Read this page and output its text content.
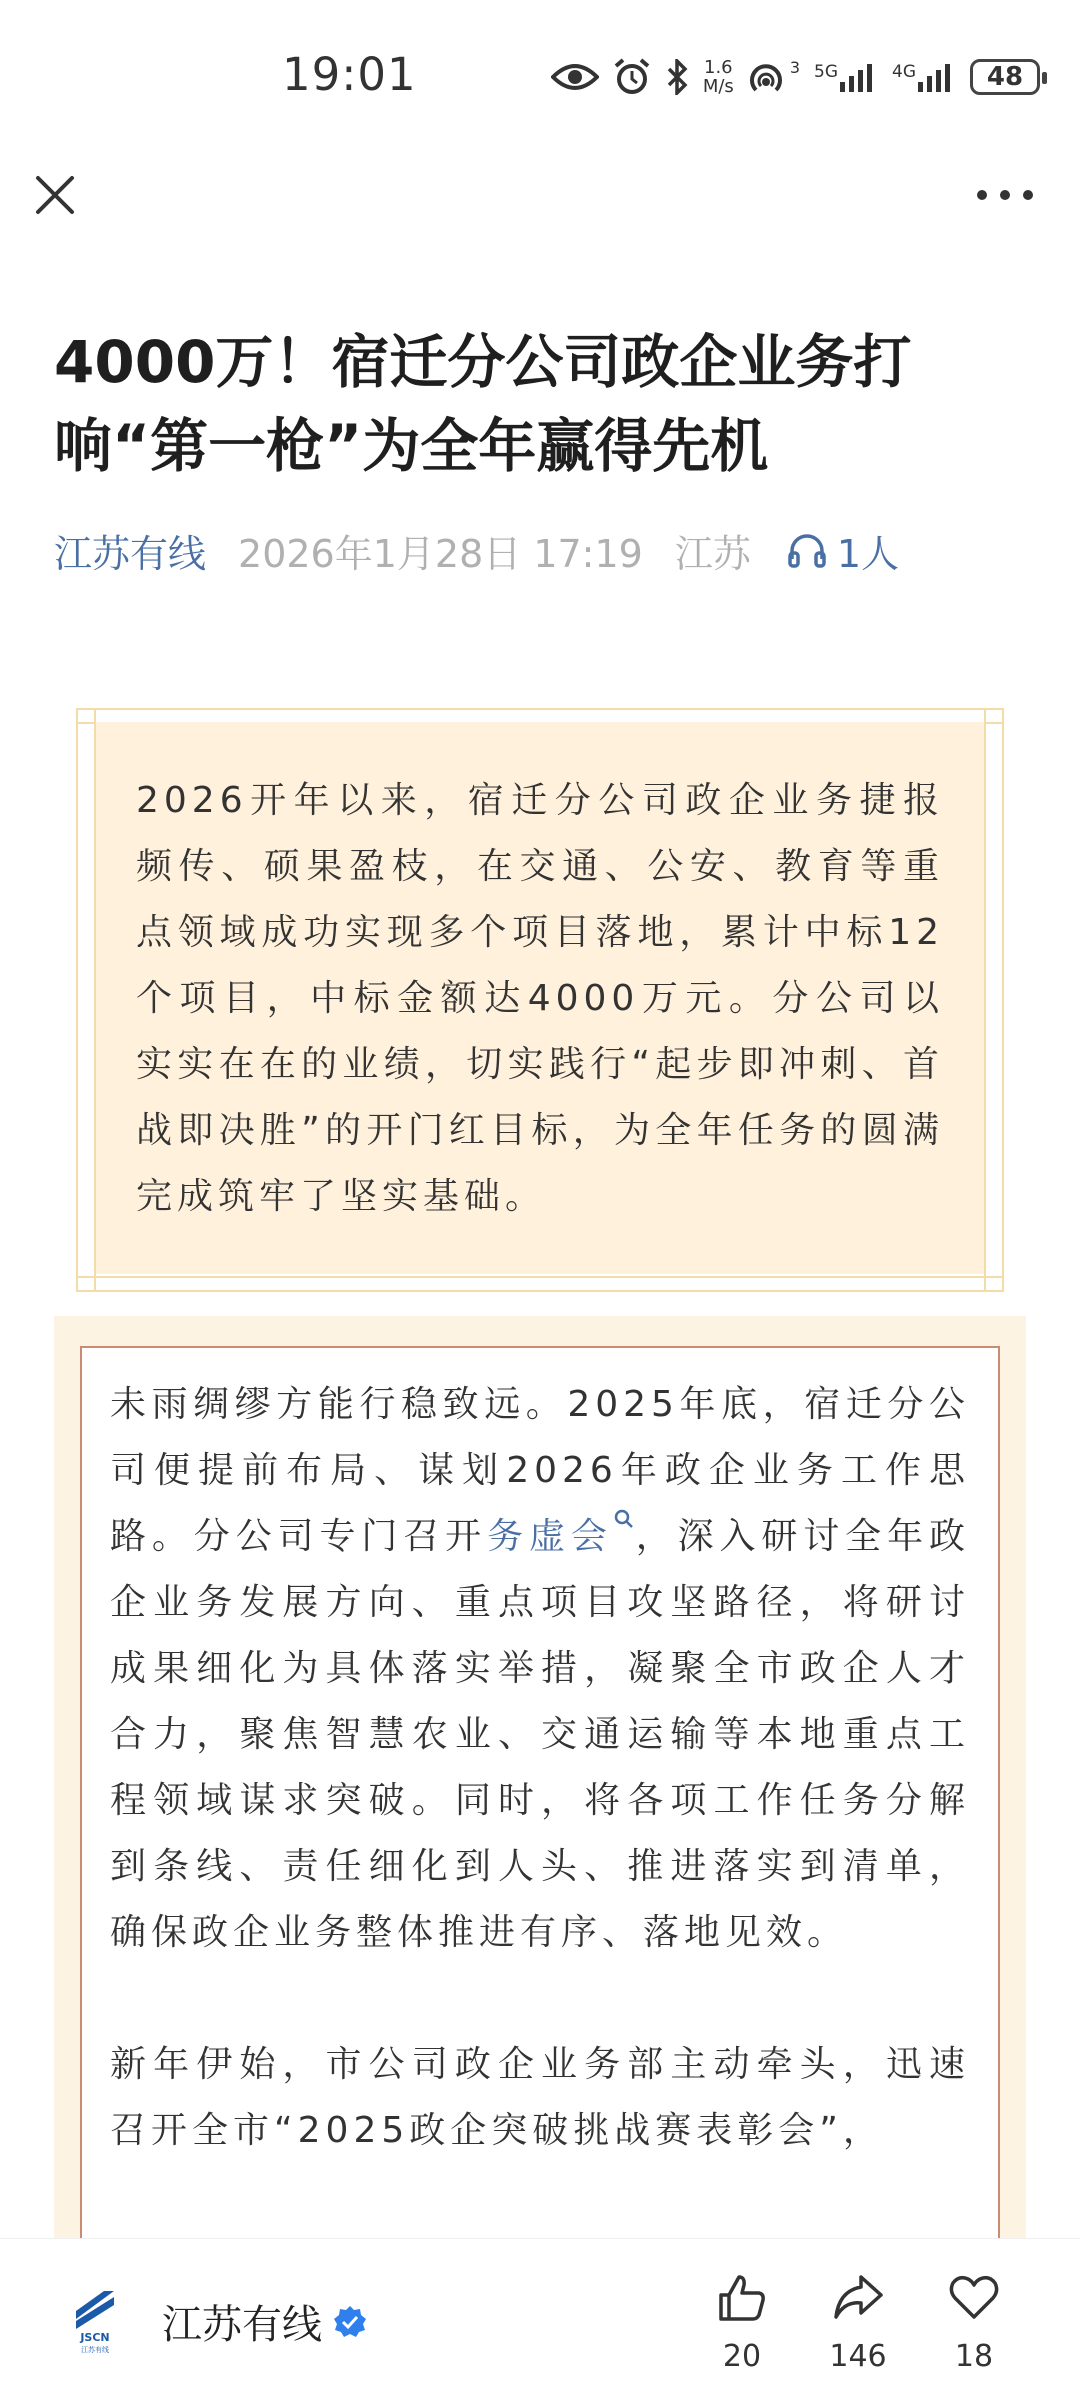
19:01	1.6
M/s
3 5G	4G	48
4000万！宿迁分公司政企业务打响“第一枪”为全年赢得先机
江苏有线 2026年1月28日 17:19 江苏 1人
2026开年以来，宿迁分公司政企业务捷报频传、硕果盈枝，在交通、公安、教育等重点领域成功实现多个项目落地，累计中标12个项目，中标金额达4000万元。分公司以实实在在的业绩，切实践行“起步即冲刺、首战即决胜”的开门红目标，为全年任务的圆满完成筑牢了坚实基础。

未雨绸缪方能行稳致远。2025年底，宿迁分公司便提前布局、谋划2026年政企业务工作思路。分公司专门召开务虚会 ，深入研讨全年政企业务发展方向、重点项目攻坚路径，将研讨成果细化为具体落实举措，凝聚全市政企人才合力，聚焦智慧农业、交通运输等本地重点工程领域谋求突破。同时，将各项工作任务分解到条线、责任细化到人头、推进落实到清单，确保政企业务整体推进有序、落地见效。

新年伊始，市公司政企业务部主动牵头，迅速召开全市“2025政企突破挑战赛表彰会”，

JSCN
江苏有线
江苏有线
20 146 18
